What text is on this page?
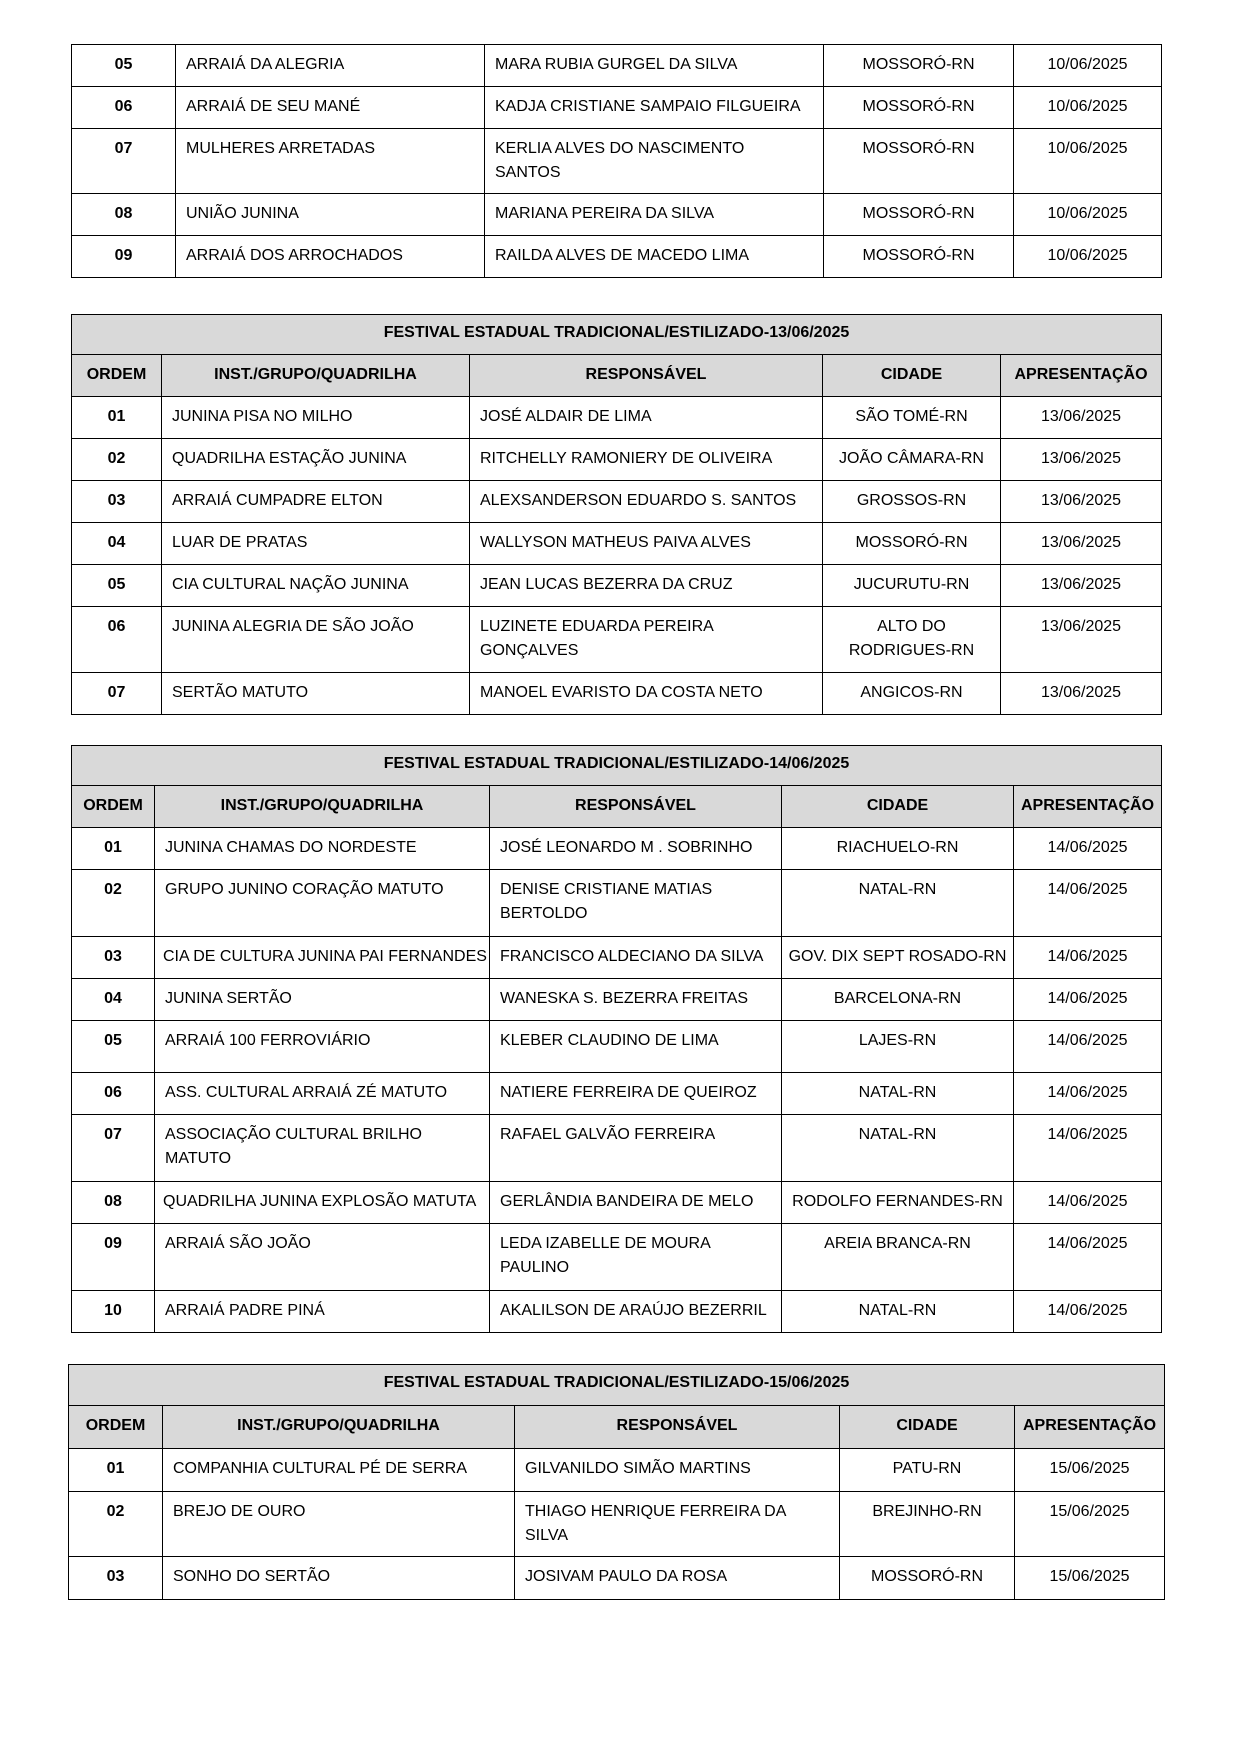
05	ARRAIÁ DA ALEGRIA	MARA RUBIA GURGEL DA SILVA	MOSSORÓ-RN	10/06/2025
06	ARRAIÁ DE SEU MANÉ	KADJA CRISTIANE SAMPAIO FILGUEIRA	MOSSORÓ-RN	10/06/2025
07	MULHERES ARRETADAS	KERLIA ALVES DO NASCIMENTO SANTOS	MOSSORÓ-RN	10/06/2025
08	UNIÃO JUNINA	MARIANA PEREIRA DA SILVA	MOSSORÓ-RN	10/06/2025
09	ARRAIÁ DOS ARROCHADOS	RAILDA ALVES DE MACEDO LIMA	MOSSORÓ-RN	10/06/2025
FESTIVAL ESTADUAL TRADICIONAL/ESTILIZADO-13/06/2025				
ORDEM	INST./GRUPO/QUADRILHA	RESPONSÁVEL	CIDADE	APRESENTAÇÃO
01	JUNINA PISA NO MILHO	JOSÉ ALDAIR DE LIMA	SÃO TOMÉ-RN	13/06/2025
02	QUADRILHA ESTAÇÃO JUNINA	RITCHELLY RAMONIERY DE OLIVEIRA	JOÃO CÂMARA-RN	13/06/2025
03	ARRAIÁ CUMPADRE ELTON	ALEXSANDERSON EDUARDO S. SANTOS	GROSSOS-RN	13/06/2025
04	LUAR DE PRATAS	WALLYSON MATHEUS PAIVA ALVES	MOSSORÓ-RN	13/06/2025
05	CIA CULTURAL NAÇÃO JUNINA	JEAN LUCAS BEZERRA DA CRUZ	JUCURUTU-RN	13/06/2025
06	JUNINA ALEGRIA DE SÃO JOÃO	LUZINETE EDUARDA PEREIRA GONÇALVES	ALTO DO RODRIGUES-RN	13/06/2025
07	SERTÃO MATUTO	MANOEL EVARISTO DA COSTA NETO	ANGICOS-RN	13/06/2025
FESTIVAL ESTADUAL TRADICIONAL/ESTILIZADO-14/06/2025				
ORDEM	INST./GRUPO/QUADRILHA	RESPONSÁVEL	CIDADE	APRESENTAÇÃO
01	JUNINA CHAMAS DO NORDESTE	JOSÉ LEONARDO M . SOBRINHO	RIACHUELO-RN	14/06/2025
02	GRUPO JUNINO CORAÇÃO MATUTO	DENISE CRISTIANE MATIAS BERTOLDO	NATAL-RN	14/06/2025
03	CIA DE CULTURA JUNINA PAI FERNANDES	FRANCISCO ALDECIANO DA SILVA	GOV. DIX SEPT ROSADO-RN	14/06/2025
04	JUNINA SERTÃO	WANESKA S. BEZERRA FREITAS	BARCELONA-RN	14/06/2025
05	ARRAIÁ 100 FERROVIÁRIO	KLEBER CLAUDINO DE LIMA	LAJES-RN	14/06/2025
06	ASS. CULTURAL ARRAIÁ ZÉ MATUTO	NATIERE FERREIRA DE QUEIROZ	NATAL-RN	14/06/2025
07	ASSOCIAÇÃO CULTURAL BRILHO MATUTO	RAFAEL GALVÃO FERREIRA	NATAL-RN	14/06/2025
08	QUADRILHA JUNINA EXPLOSÃO MATUTA	GERLÂNDIA BANDEIRA DE MELO	RODOLFO FERNANDES-RN	14/06/2025
09	ARRAIÁ SÃO JOÃO	LEDA IZABELLE DE MOURA PAULINO	AREIA BRANCA-RN	14/06/2025
10	ARRAIÁ PADRE PINÁ	AKALILSON DE ARAÚJO BEZERRIL	NATAL-RN	14/06/2025
FESTIVAL ESTADUAL TRADICIONAL/ESTILIZADO-15/06/2025				
ORDEM	INST./GRUPO/QUADRILHA	RESPONSÁVEL	CIDADE	APRESENTAÇÃO
01	COMPANHIA CULTURAL PÉ DE SERRA	GILVANILDO SIMÃO MARTINS	PATU-RN	15/06/2025
02	BREJO DE OURO	THIAGO HENRIQUE FERREIRA DA SILVA	BREJINHO-RN	15/06/2025
03	SONHO DO SERTÃO	JOSIVAM PAULO DA ROSA	MOSSORÓ-RN	15/06/2025
